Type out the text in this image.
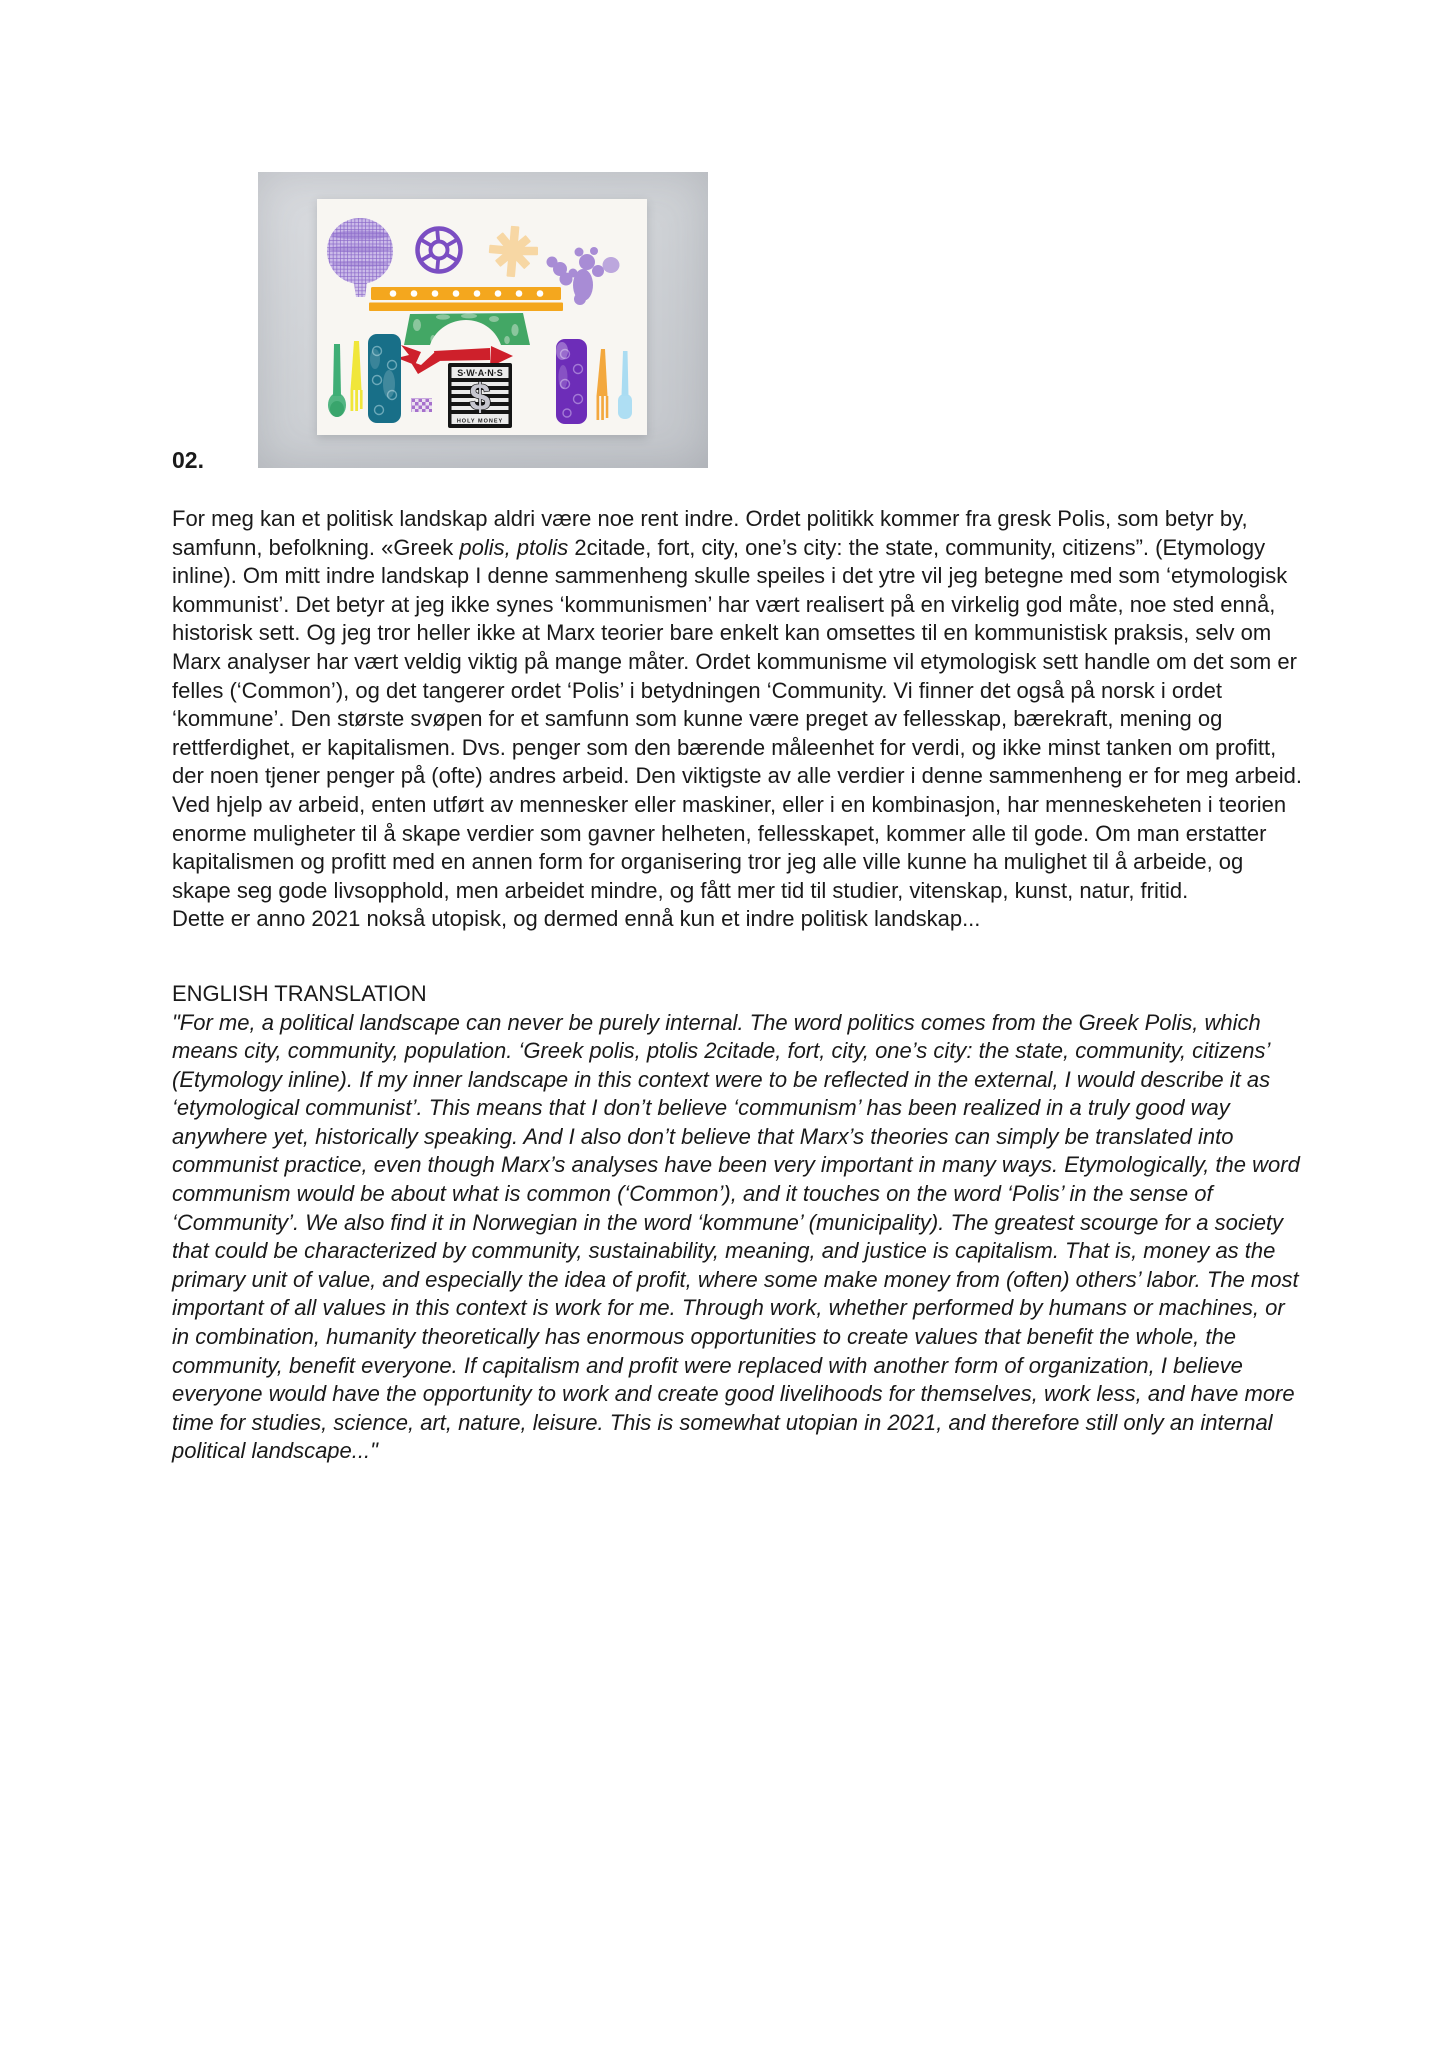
S·W·A·N·S
$
HOLY MONEY
02.

For meg kan et politisk landskap aldri være noe rent indre. Ordet politikk kommer fra gresk Polis, som betyr by, samfunn, befolkning. «Greek polis, ptolis 2citade, fort, city, one’s city: the state, community, citizens”. (Etymology inline). Om mitt indre landskap I denne sammenheng skulle speiles i det ytre vil jeg betegne med som ‘etymologisk kommunist’. Det betyr at jeg ikke synes ‘kommunismen’ har vært realisert på en virkelig god måte, noe sted ennå, historisk sett. Og jeg tror heller ikke at Marx teorier bare enkelt kan omsettes til en kommunistisk praksis, selv om Marx analyser har vært veldig viktig på mange måter. Ordet kommunisme vil etymologisk sett handle om det som er felles (‘Common’), og det tangerer ordet ‘Polis’ i betydningen ‘Community. Vi finner det også på norsk i ordet ‘kommune’. Den største svøpen for et samfunn som kunne være preget av fellesskap, bærekraft, mening og rettferdighet, er kapitalismen. Dvs. penger som den bærende måleenhet for verdi, og ikke minst tanken om profitt, der noen tjener penger på (ofte) andres arbeid. Den viktigste av alle verdier i denne sammenheng er for meg arbeid. Ved hjelp av arbeid, enten utført av mennesker eller maskiner, eller i en kombinasjon, har menneskeheten i teorien enorme muligheter til å skape verdier som gavner helheten, fellesskapet, kommer alle til gode. Om man erstatter kapitalismen og profitt med en annen form for organisering tror jeg alle ville kunne ha mulighet til å arbeide, og skape seg gode livsopphold, men arbeidet mindre, og fått mer tid til studier, vitenskap, kunst, natur, fritid.
Dette er anno 2021 nokså utopisk, og dermed ennå kun et indre politisk landskap...

ENGLISH TRANSLATION

"For me, a political landscape can never be purely internal. The word politics comes from the Greek Polis, which means city, community, population. ‘Greek polis, ptolis 2citade, fort, city, one’s city: the state, community, citizens’ (Etymology inline). If my inner landscape in this context were to be reflected in the external, I would describe it as ‘etymological communist’. This means that I don’t believe ‘communism’ has been realized in a truly good way anywhere yet, historically speaking. And I also don’t believe that Marx’s theories can simply be translated into communist practice, even though Marx’s analyses have been very important in many ways. Etymologically, the word communism would be about what is common (‘Common’), and it touches on the word ‘Polis’ in the sense of ‘Community’. We also find it in Norwegian in the word ‘kommune’ (municipality). The greatest scourge for a society that could be characterized by community, sustainability, meaning, and justice is capitalism. That is, money as the primary unit of value, and especially the idea of profit, where some make money from (often) others’ labor. The most important of all values in this context is work for me. Through work, whether performed by humans or machines, or in combination, humanity theoretically has enormous opportunities to create values that benefit the whole, the community, benefit everyone. If capitalism and profit were replaced with another form of organization, I believe everyone would have the opportunity to work and create good livelihoods for themselves, work less, and have more time for studies, science, art, nature, leisure. This is somewhat utopian in 2021, and therefore still only an internal political landscape..."
